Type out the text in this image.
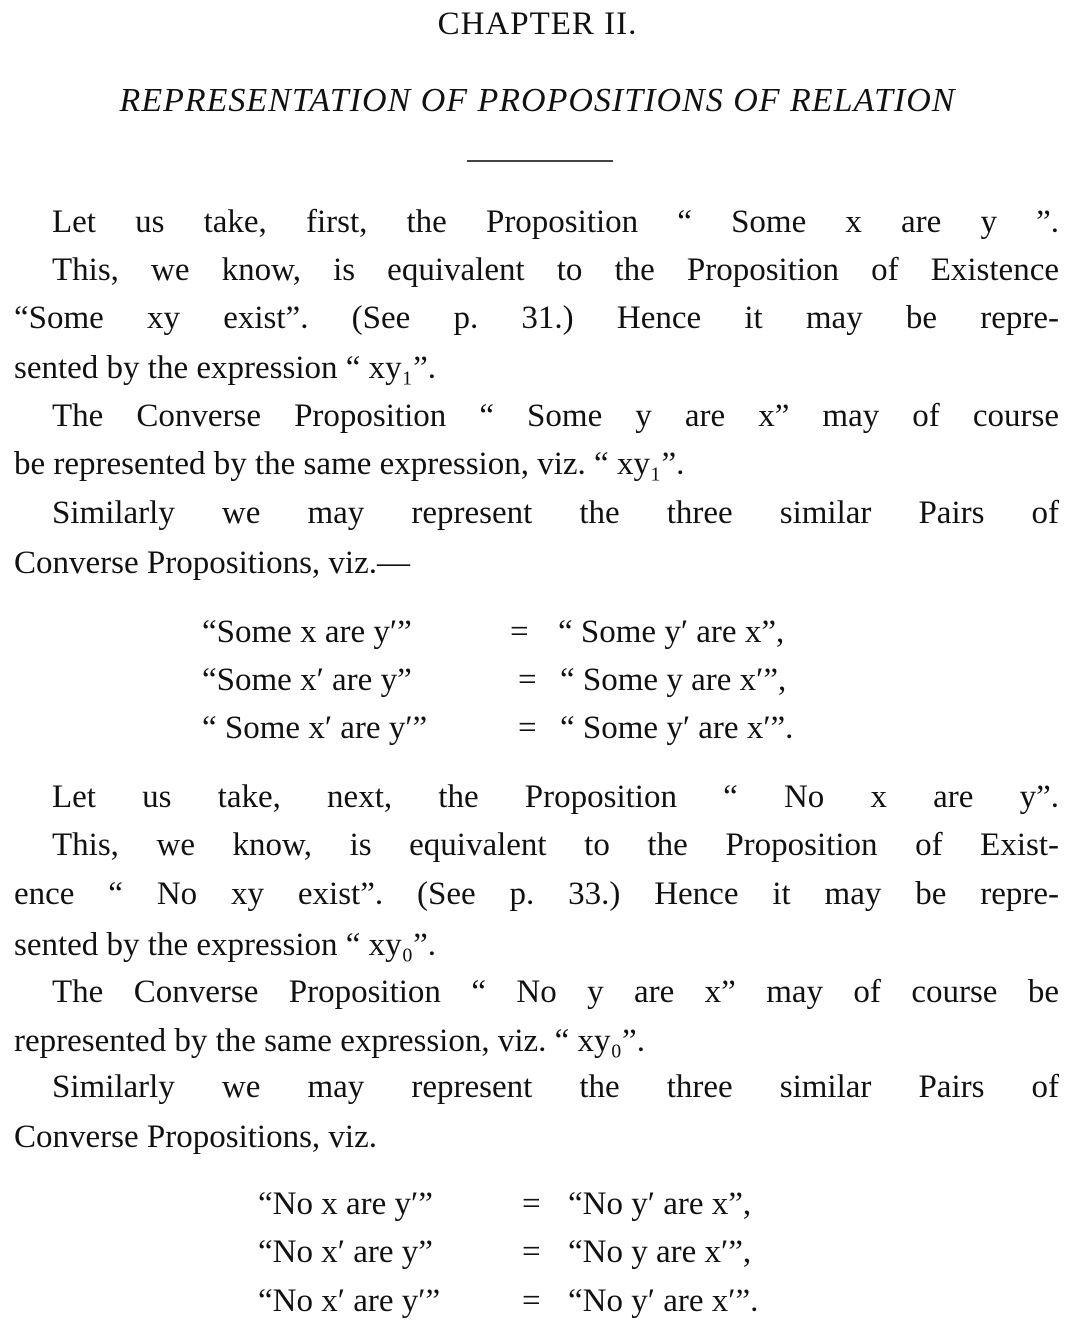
CHAPTER II.
REPRESENTATION OF PROPOSITIONS OF RELATION
Let us take, first, the Proposition “ Some x are y ”.
This, we know, is equivalent to the Proposition of Existence
“Some xy exist”. (See p. 31.) Hence it may be repre-
sented by the expression “ xy₁”.
The Converse Proposition “ Some y are x” may of course
be represented by the same expression, viz. “ xy₁”.
Similarly we may represent the three similar Pairs of
Converse Propositions, viz.—
“Some x are y′”	= “ Some y′ are x”,
“Some x′ are y”	= “ Some y are x′”,
“ Some x′ are y′”	= “ Some y′ are x′”.
Let us take, next, the Proposition “ No x are y”.
This, we know, is equivalent to the Proposition of Exist-
ence “ No xy exist”. (See p. 33.) Hence it may be repre-
sented by the expression “ xy₀”.
The Converse Proposition “ No y are x” may of course be
represented by the same expression, viz. “ xy₀”.
Similarly we may represent the three similar Pairs of
Converse Propositions, viz.
“No x are y′”	= “No y′ are x”,
“No x′ are y”	= “No y are x′”,
“No x′ are y′” = “No y′ are x′”.
